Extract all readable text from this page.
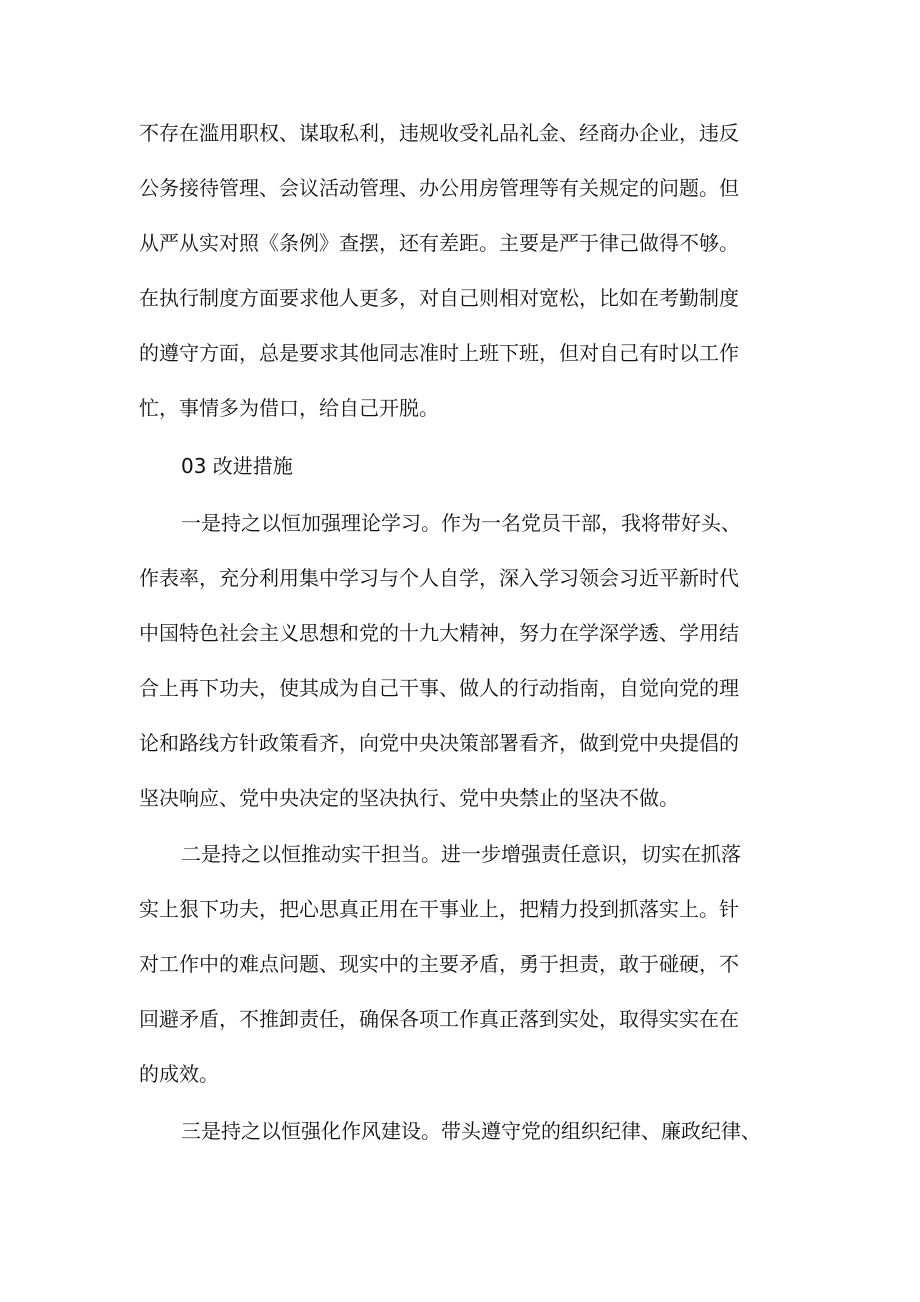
不存在滥用职权、谋取私利，违规收受礼品礼金、经商办企业，违反
公务接待管理、会议活动管理、办公用房管理等有关规定的问题。但
从严从实对照《条例》查摆，还有差距。主要是严于律己做得不够。
在执行制度方面要求他人更多，对自己则相对宽松，比如在考勤制度
的遵守方面，总是要求其他同志准时上班下班，但对自己有时以工作
忙，事情多为借口，给自己开脱。
03 改进措施
一是持之以恒加强理论学习。作为一名党员干部，我将带好头、
作表率，充分利用集中学习与个人自学，深入学习领会习近平新时代
中国特色社会主义思想和党的十九大精神，努力在学深学透、学用结
合上再下功夫，使其成为自己干事、做人的行动指南，自觉向党的理
论和路线方针政策看齐，向党中央决策部署看齐，做到党中央提倡的
坚决响应、党中央决定的坚决执行、党中央禁止的坚决不做。
二是持之以恒推动实干担当。进一步增强责任意识，切实在抓落
实上狠下功夫，把心思真正用在干事业上，把精力投到抓落实上。针
对工作中的难点问题、现实中的主要矛盾，勇于担责，敢于碰硬，不
回避矛盾，不推卸责任，确保各项工作真正落到实处，取得实实在在
的成效。
三是持之以恒强化作风建设。带头遵守党的组织纪律、廉政纪律、
